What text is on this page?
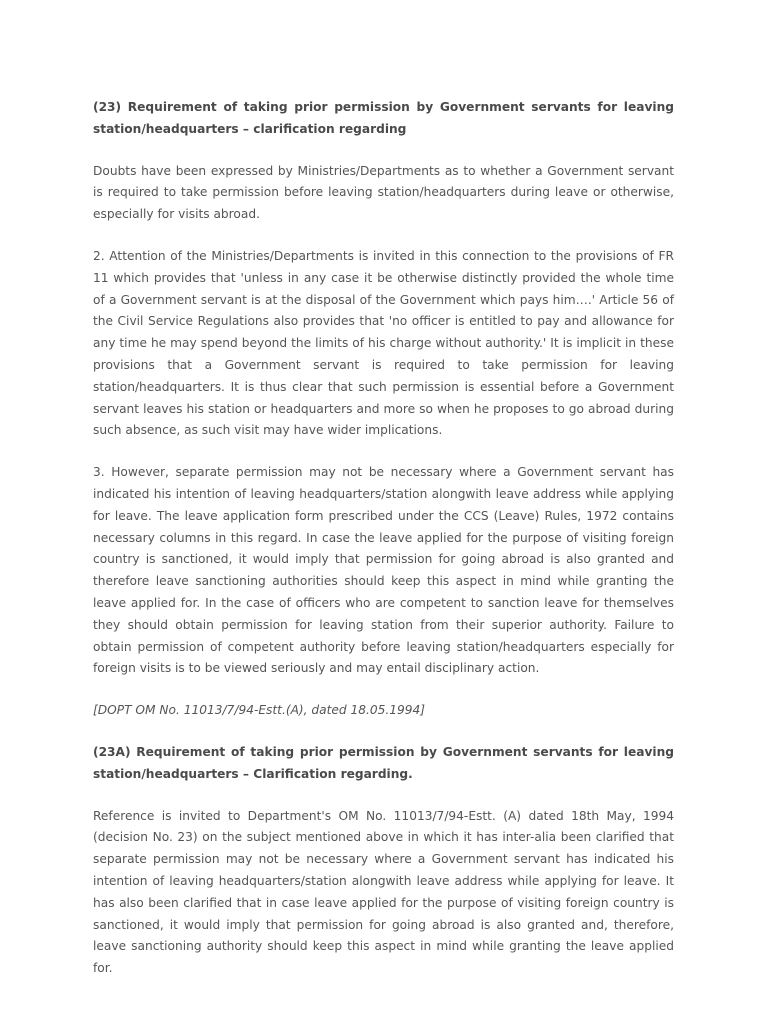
(23) Requirement of taking prior permission by Government servants for leaving station/headquarters – clarification regarding

Doubts have been expressed by Ministries/Departments as to whether a Government servant is required to take permission before leaving station/headquarters during leave or otherwise, especially for visits abroad.

2. Attention of the Ministries/Departments is invited in this connection to the provisions of FR 11 which provides that 'unless in any case it be otherwise distinctly provided the whole time of a Government servant is at the disposal of the Government which pays him….' Article 56 of the Civil Service Regulations also provides that 'no officer is entitled to pay and allowance for any time he may spend beyond the limits of his charge without authority.' It is implicit in these provisions that a Government servant is required to take permission for leaving station/headquarters. It is thus clear that such permission is essential before a Government servant leaves his station or headquarters and more so when he proposes to go abroad during such absence, as such visit may have wider implications.

3. However, separate permission may not be necessary where a Government servant has indicated his intention of leaving headquarters/station alongwith leave address while applying for leave. The leave application form prescribed under the CCS (Leave) Rules, 1972 contains necessary columns in this regard. In case the leave applied for the purpose of visiting foreign country is sanctioned, it would imply that permission for going abroad is also granted and therefore leave sanctioning authorities should keep this aspect in mind while granting the leave applied for. In the case of officers who are competent to sanction leave for themselves they should obtain permission for leaving station from their superior authority. Failure to obtain permission of competent authority before leaving station/headquarters especially for foreign visits is to be viewed seriously and may entail disciplinary action.

[DOPT OM No. 11013/7/94-Estt.(A), dated 18.05.1994]

(23A) Requirement of taking prior permission by Government servants for leaving station/headquarters – Clarification regarding.

Reference is invited to Department's OM No. 11013/7/94-Estt. (A) dated 18th May, 1994 (decision No. 23) on the subject mentioned above in which it has inter-alia been clarified that separate permission may not be necessary where a Government servant has indicated his intention of leaving headquarters/station alongwith leave address while applying for leave. It has also been clarified that in case leave applied for the purpose of visiting foreign country is sanctioned, it would imply that permission for going abroad is also granted and, therefore, leave sanctioning authority should keep this aspect in mind while granting the leave applied for.
